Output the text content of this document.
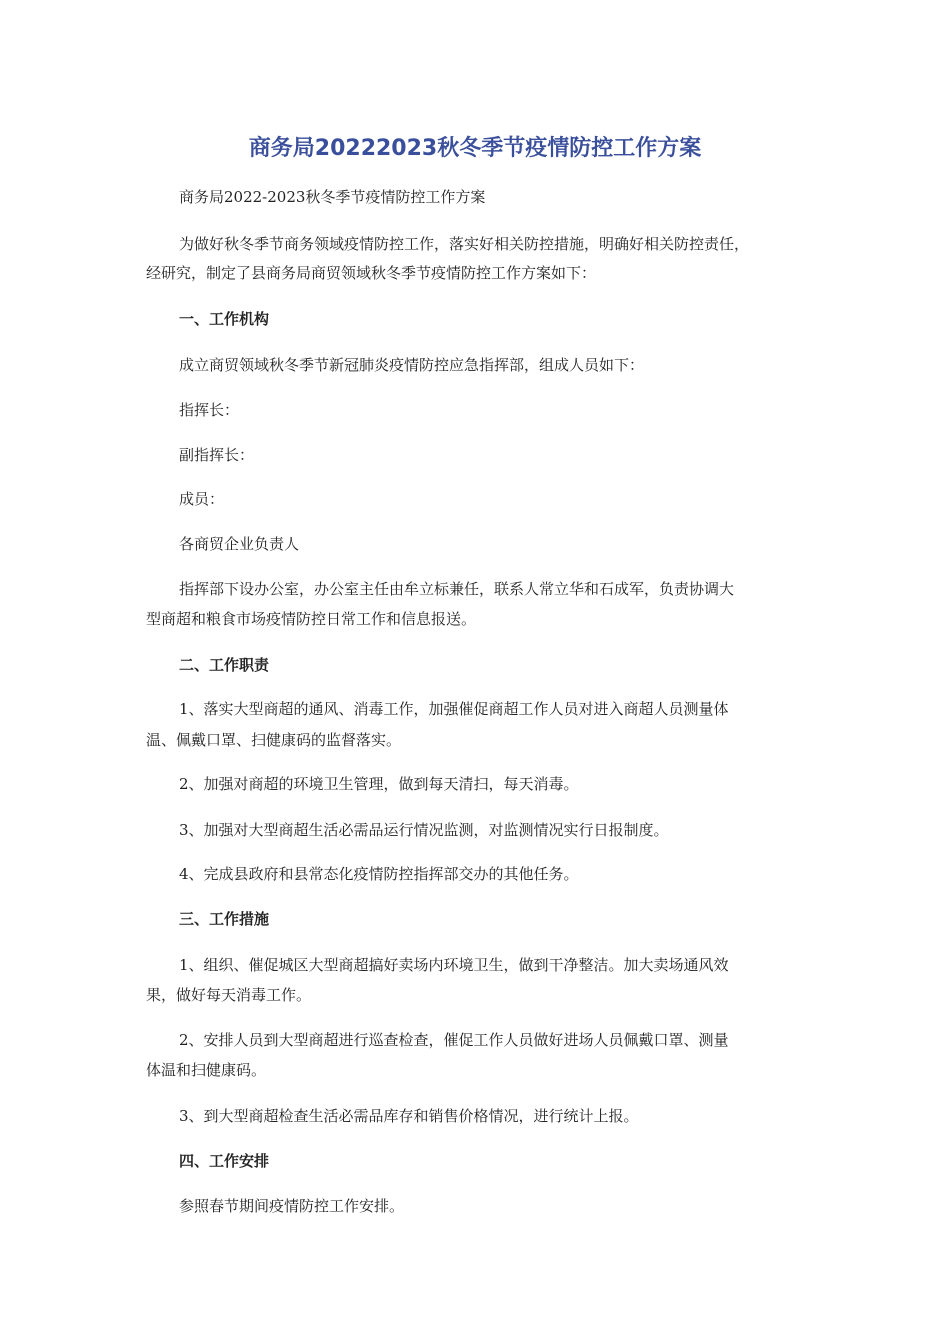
商务局20222023秋冬季节疫情防控工作方案

商务局2022-2023秋冬季节疫情防控工作方案

为做好秋冬季节商务领域疫情防控工作，落实好相关防控措施，明确好相关防控责任，

经研究，制定了县商务局商贸领域秋冬季节疫情防控工作方案如下：

一、工作机构

成立商贸领域秋冬季节新冠肺炎疫情防控应急指挥部，组成人员如下：

指挥长：

副指挥长：

成员：

各商贸企业负责人

指挥部下设办公室，办公室主任由牟立标兼任，联系人常立华和石成军，负责协调大

型商超和粮食市场疫情防控日常工作和信息报送。

二、工作职责

1、落实大型商超的通风、消毒工作，加强催促商超工作人员对进入商超人员测量体

温、佩戴口罩、扫健康码的监督落实。

2、加强对商超的环境卫生管理，做到每天清扫，每天消毒。

3、加强对大型商超生活必需品运行情况监测，对监测情况实行日报制度。

4、完成县政府和县常态化疫情防控指挥部交办的其他任务。

三、工作措施

1、组织、催促城区大型商超搞好卖场内环境卫生，做到干净整洁。加大卖场通风效

果，做好每天消毒工作。

2、安排人员到大型商超进行巡查检查，催促工作人员做好进场人员佩戴口罩、测量

体温和扫健康码。

3、到大型商超检查生活必需品库存和销售价格情况，进行统计上报。

四、工作安排

参照春节期间疫情防控工作安排。
